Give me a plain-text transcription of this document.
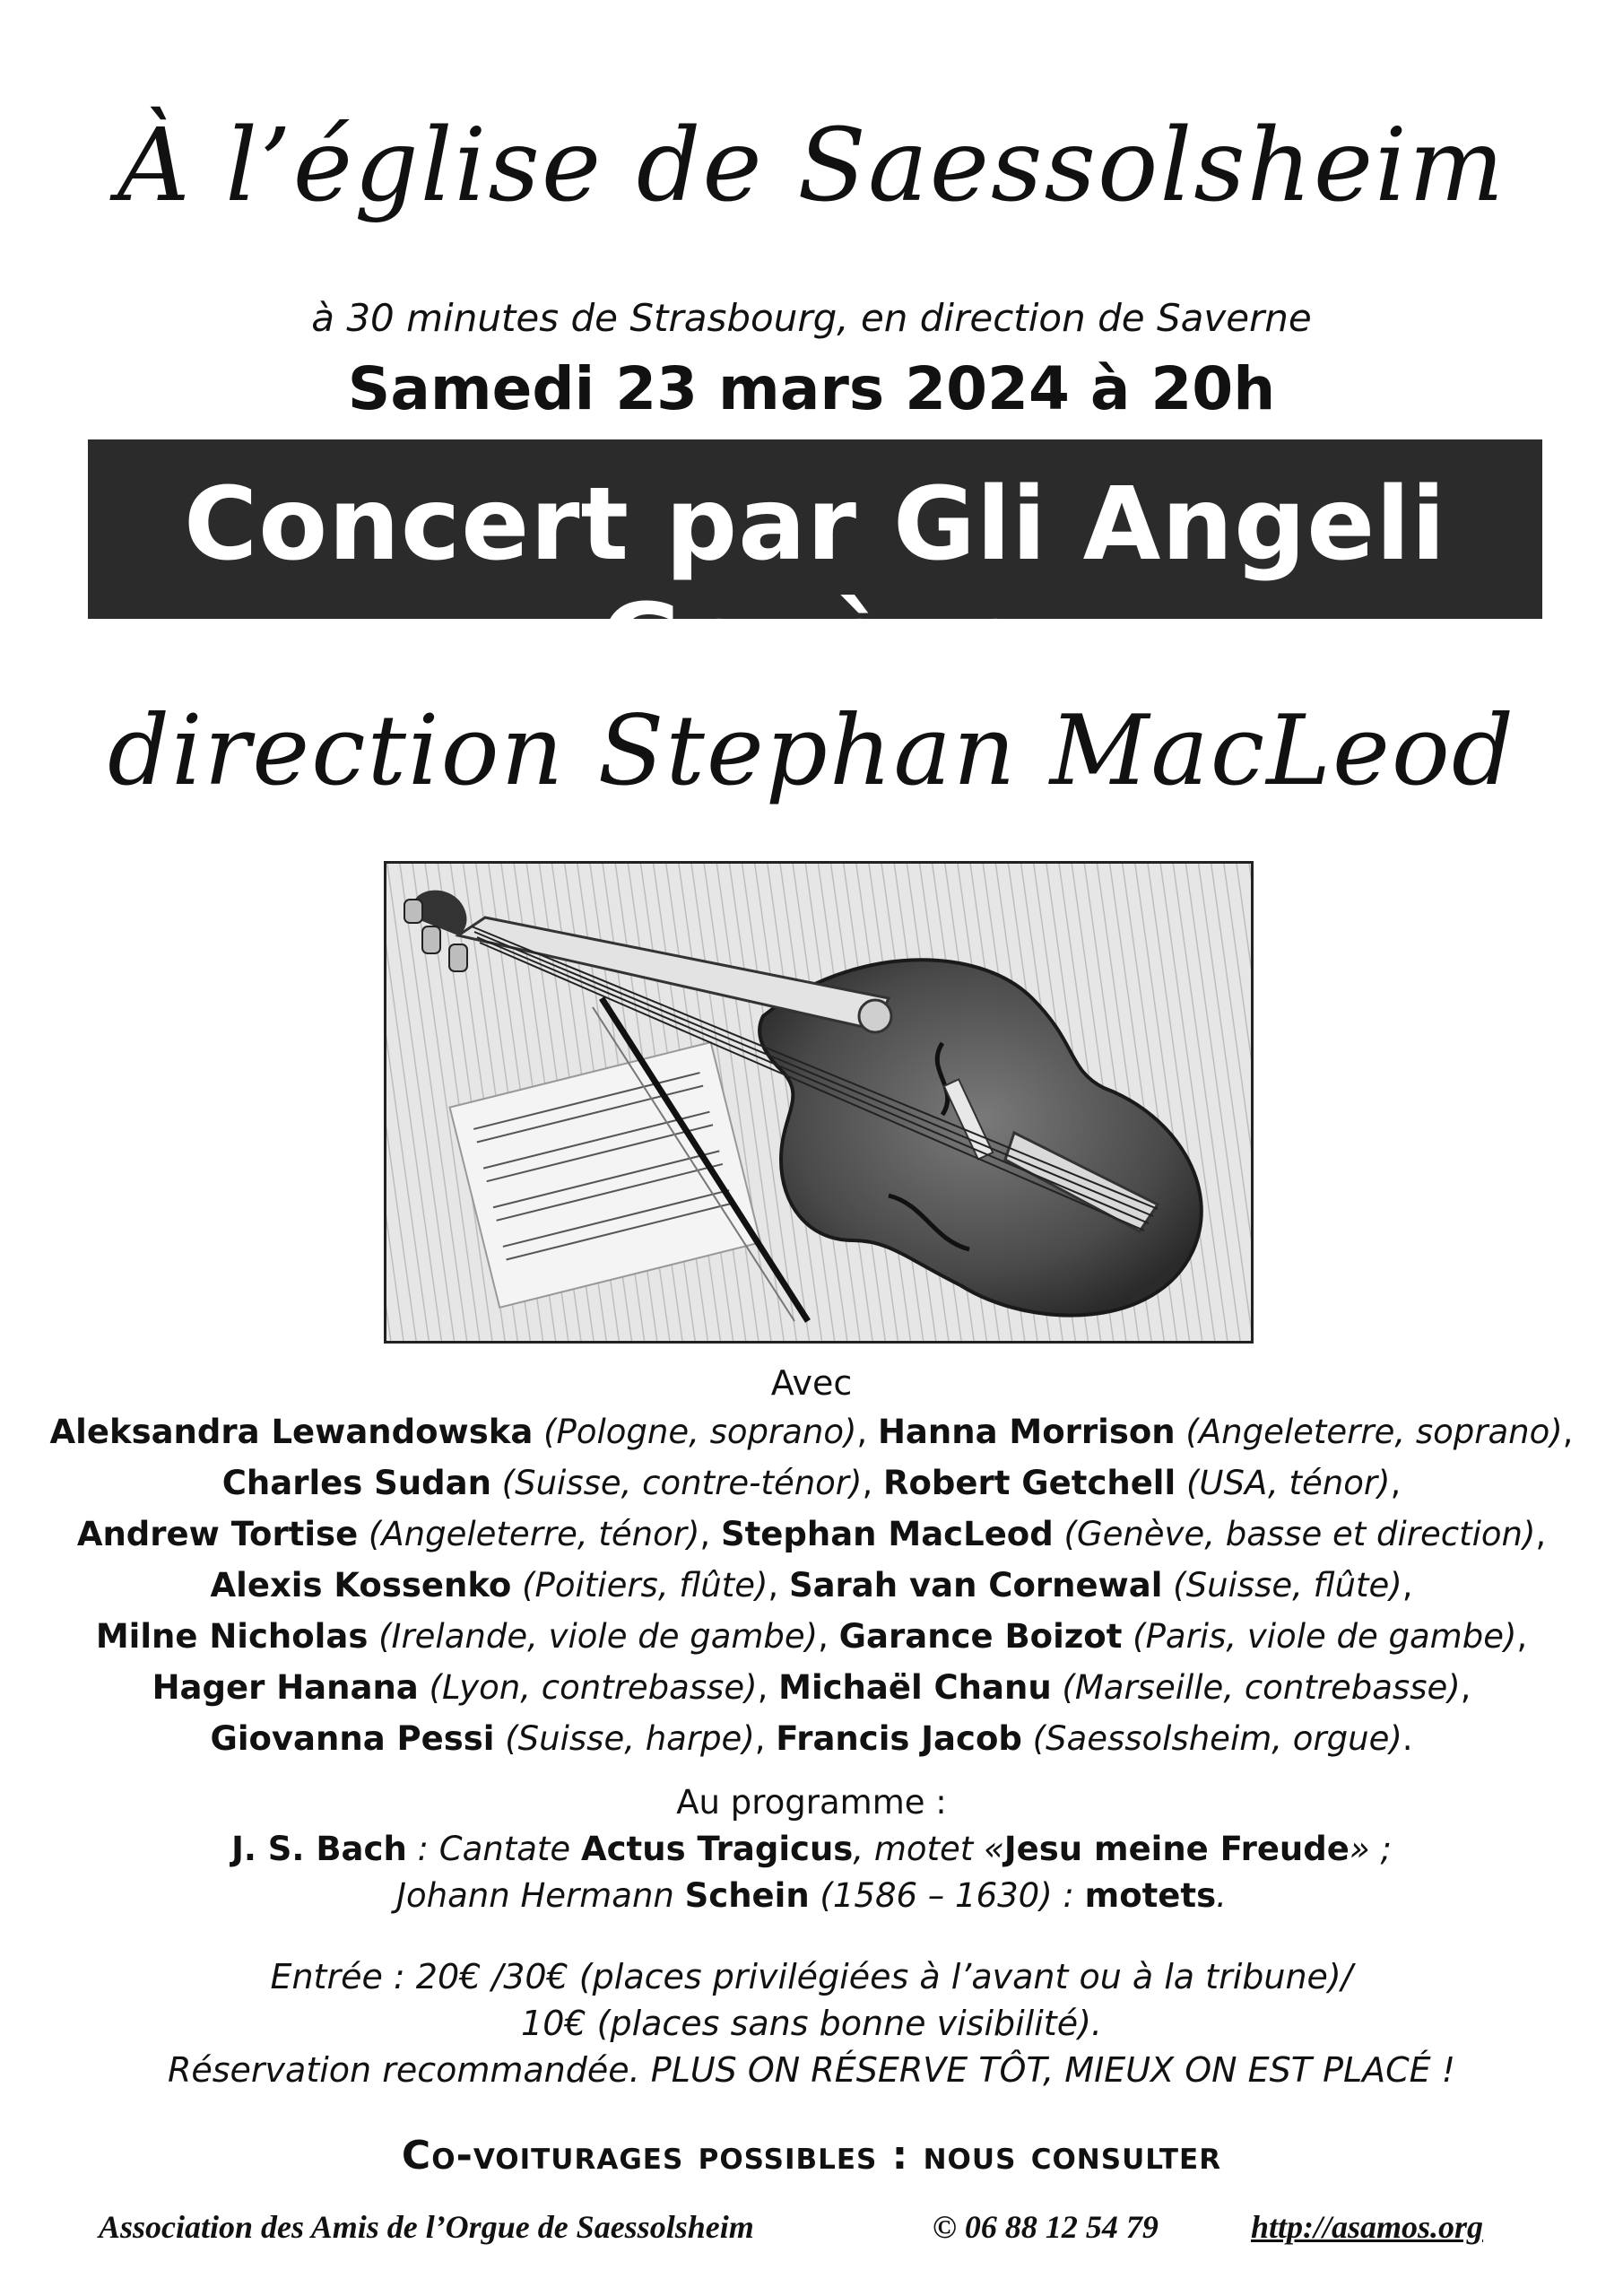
À l’église de Saessolsheim
à 30 minutes de Strasbourg, en direction de Saverne
Samedi 23 mars 2024 à 20h
Concert par Gli Angeli Genève
direction Stephan MacLeod
Avec
Aleksandra Lewandowska (Pologne, soprano), Hanna Morrison (Angeleterre, soprano),
Charles Sudan (Suisse, contre-ténor), Robert Getchell (USA, ténor),
Andrew Tortise (Angeleterre, ténor), Stephan MacLeod (Genève, basse et direction),
Alexis Kossenko (Poitiers, flûte), Sarah van Cornewal (Suisse, flûte),
Milne Nicholas (Irelande, viole de gambe), Garance Boizot (Paris, viole de gambe),
Hager Hanana (Lyon, contrebasse), Michaël Chanu (Marseille, contrebasse),
Giovanna Pessi (Suisse, harpe), Francis Jacob (Saessolsheim, orgue).
Au programme :
J. S. Bach : Cantate Actus Tragicus, motet «Jesu meine Freude» ;
Johann Hermann Schein (1586 – 1630) : motets.
Entrée : 20€ /30€ (places privilégiées à l’avant ou à la tribune)/
10€ (places sans bonne visibilité).
Réservation recommandée. PLUS ON RÉSERVE TÔT, MIEUX ON EST PLACÉ !
Co-voiturages possibles : nous consulter
Association des Amis de l’Orgue de Saessolsheim	© 06 88 12 54 79	http://asamos.org
